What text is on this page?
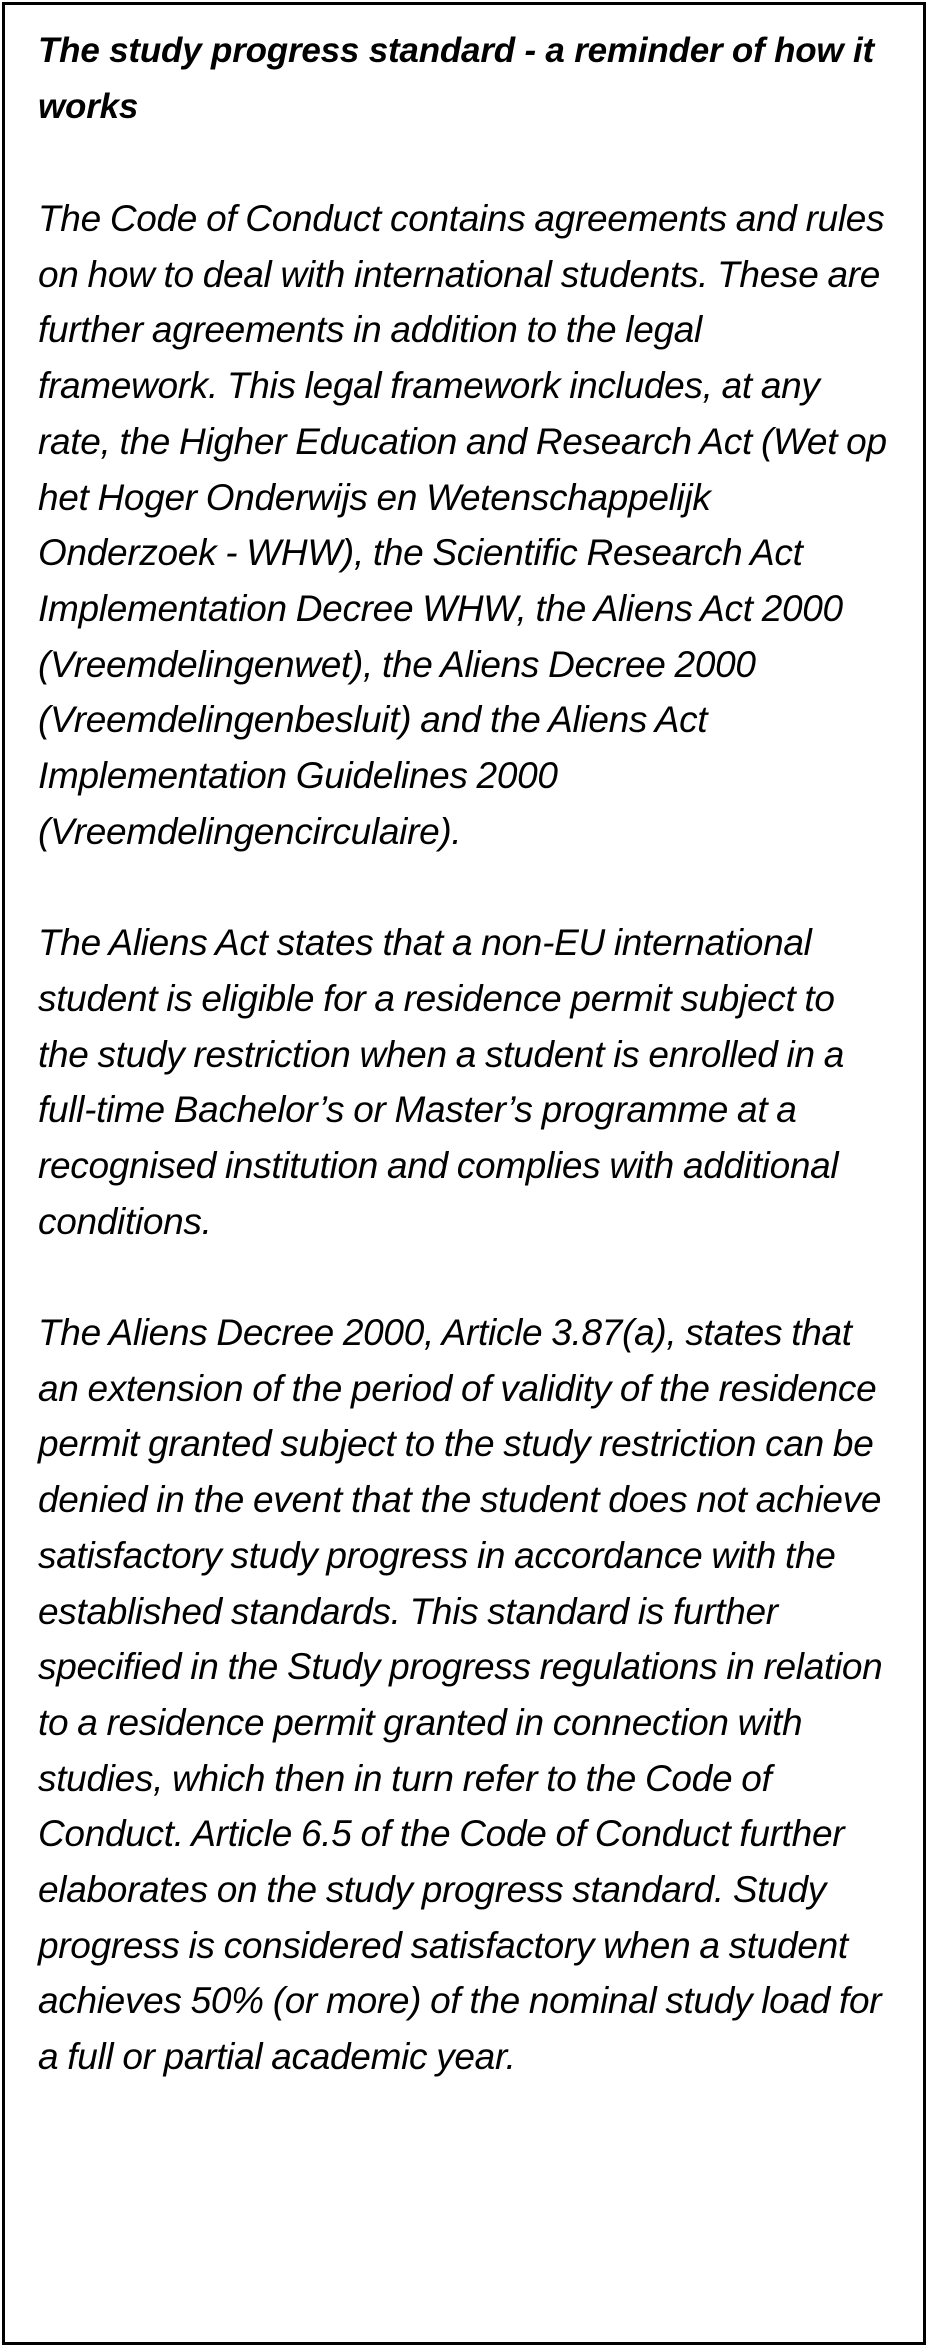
The study progress standard - a reminder of how it works

The Code of Conduct contains agreements and rules on how to deal with international students. These are further agreements in addition to the legal framework. This legal framework includes, at any rate, the Higher Education and Research Act (Wet op het Hoger Onderwijs en Wetenschappelijk Onderzoek - WHW), the Scientific Research Act Implementation Decree WHW, the Aliens Act 2000 (Vreemdelingenwet), the Aliens Decree 2000 (Vreemdelingenbesluit) and the Aliens Act Implementation Guidelines 2000 (Vreemdelingencirculaire).

The Aliens Act states that a non-EU international student is eligible for a residence permit subject to the study restriction when a student is enrolled in a full-time Bachelor’s or Master’s programme at a recognised institution and complies with additional conditions.

The Aliens Decree 2000, Article 3.87(a), states that an extension of the period of validity of the residence permit granted subject to the study restriction can be denied in the event that the student does not achieve satisfactory study progress in accordance with the established standards. This standard is further specified in the Study progress regulations in relation to a residence permit granted in connection with studies, which then in turn refer to the Code of Conduct. Article 6.5 of the Code of Conduct further elaborates on the study progress standard. Study progress is considered satisfactory when a student achieves 50% (or more) of the nominal study load for a full or partial academic year.
